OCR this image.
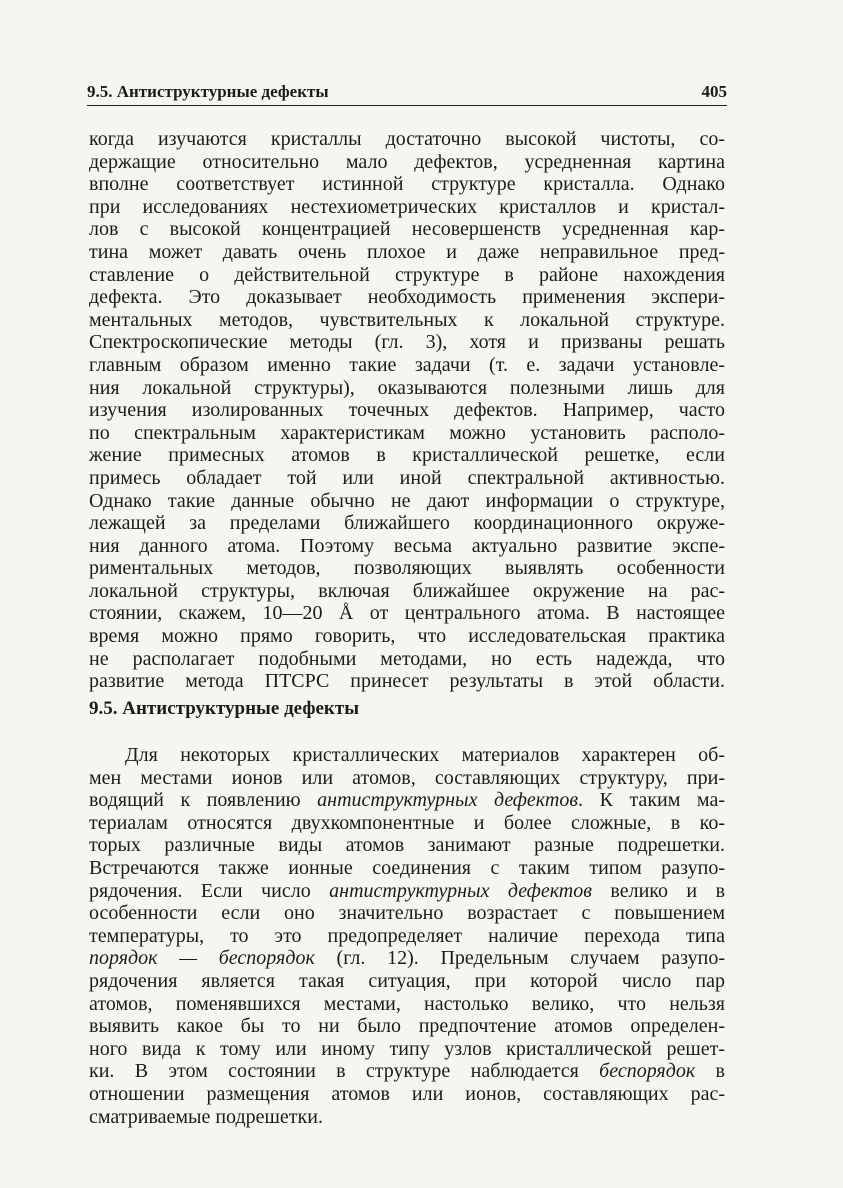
9.5. Антиструктурные дефекты	405

когда изучаются кристаллы достаточно высокой чистоты, со-
держащие относительно мало дефектов, усредненная картина
вполне соответствует истинной структуре кристалла. Однако
при исследованиях нестехиометрических кристаллов и кристал-
лов с высокой концентрацией несовершенств усредненная кар-
тина может давать очень плохое и даже неправильное пред-
ставление о действительной структуре в районе нахождения
дефекта. Это доказывает необходимость применения экспери-
ментальных методов, чувствительных к локальной структуре.
Спектроскопические методы (гл. 3), хотя и призваны решать
главным образом именно такие задачи (т. е. задачи установле-
ния локальной структуры), оказываются полезными лишь для
изучения изолированных точечных дефектов. Например, часто
по спектральным характеристикам можно установить располо-
жение примесных атомов в кристаллической решетке, если
примесь обладает той или иной спектральной активностью.
Однако такие данные обычно не дают информации о структуре,
лежащей за пределами ближайшего координационного окруже-
ния данного атома. Поэтому весьма актуально развитие экспе-
риментальных методов, позволяющих выявлять особенности
локальной структуры, включая ближайшее окружение на рас-
стоянии, скажем, 10—20 Å от центрального атома. В настоящее
время можно прямо говорить, что исследовательская практика
не располагает подобными методами, но есть надежда, что
развитие метода ПТСРС принесет результаты в этой области.

9.5. Антиструктурные дефекты

Для некоторых кристаллических материалов характерен об-
мен местами ионов или атомов, составляющих структуру, при-
водящий к появлению антиструктурных дефектов. К таким ма-
териалам относятся двухкомпонентные и более сложные, в ко-
торых различные виды атомов занимают разные подрешетки.
Встречаются также ионные соединения с таким типом разупо-
рядочения. Если число антиструктурных дефектов велико и в
особенности если оно значительно возрастает с повышением
температуры, то это предопределяет наличие перехода типа
порядок — беспорядок (гл. 12). Предельным случаем разупо-
рядочения является такая ситуация, при которой число пар
атомов, поменявшихся местами, настолько велико, что нельзя
выявить какое бы то ни было предпочтение атомов определен-
ного вида к тому или иному типу узлов кристаллической решет-
ки. В этом состоянии в структуре наблюдается беспорядок в
отношении размещения атомов или ионов, составляющих рас-
сматриваемые подрешетки.
